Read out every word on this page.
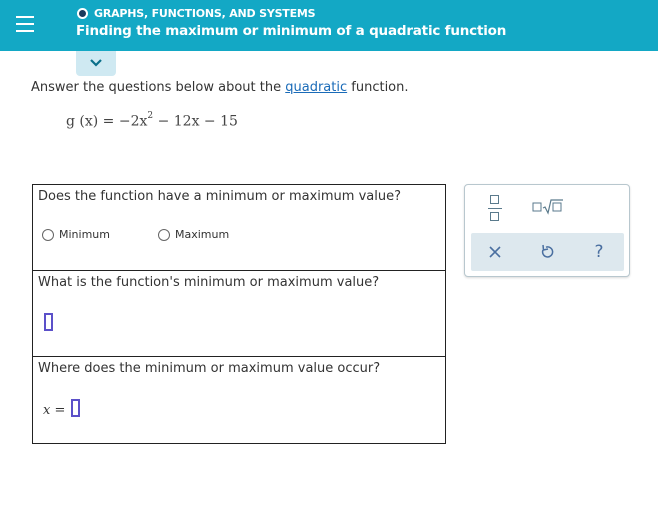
GRAPHS, FUNCTIONS, AND SYSTEMS
Finding the maximum or minimum of a quadratic function
Answer the questions below about the quadratic function.
g $(x) = -2x^2 - 12x - 15$
Does the function have a minimum or maximum value?
Minimum	Maximum
What is the function's minimum or maximum value?
Where does the minimum or maximum value occur?
x =
?
